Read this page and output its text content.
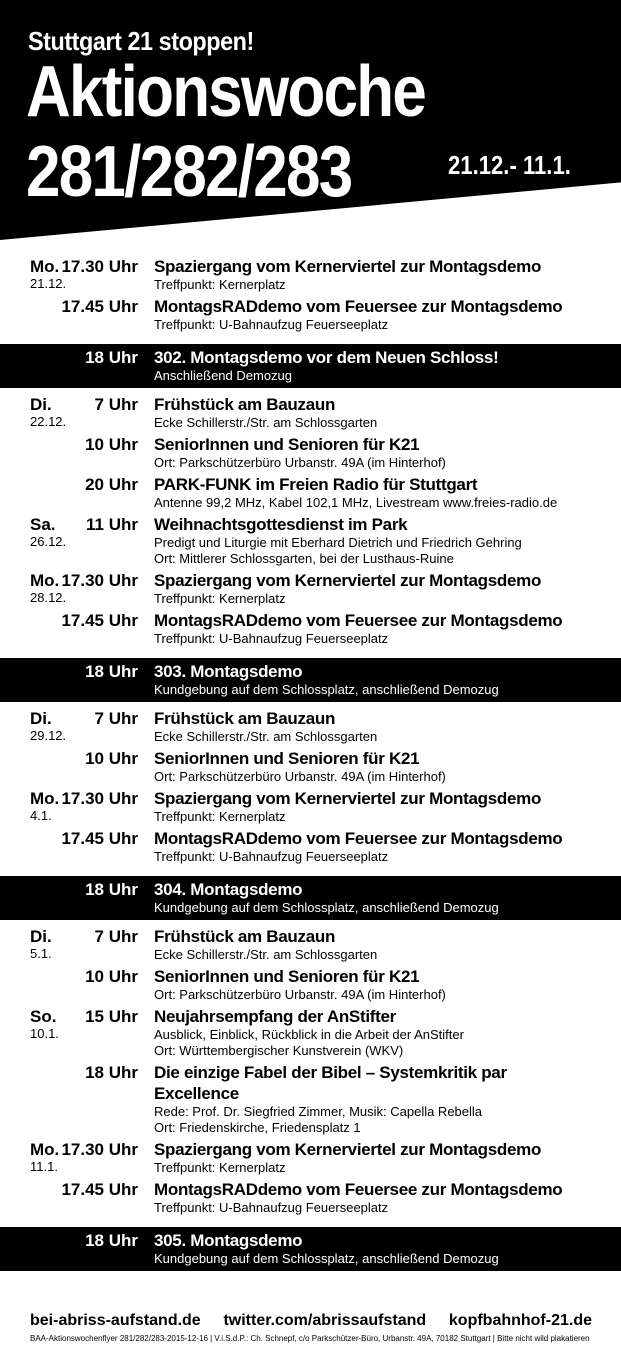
Stuttgart 21 stoppen!
Aktionswoche
281/282/283	21.12.- 11.1.
Mo.
21.12.
17.30 Uhr Spaziergang vom Kernerviertel zur Montagsdemo
Treffpunkt: Kernerplatz
17.45 Uhr MontagsRADdemo vom Feuersee zur Montagsdemo
Treffpunkt: U-Bahnaufzug Feuerseeplatz
18 Uhr 302. Montagsdemo vor dem Neuen Schloss!
Anschließend Demozug
Di.
22.12.
7 Uhr Frühstück am Bauzaun
Ecke Schillerstr./Str. am Schlossgarten
10 Uhr SeniorInnen und Senioren für K21
Ort: Parkschützerbüro Urbanstr. 49A (im Hinterhof)
20 Uhr PARK-FUNK im Freien Radio für Stuttgart
Antenne 99,2 MHz, Kabel 102,1 MHz, Livestream www.freies-radio.de
Sa.
26.12.
11 Uhr Weihnachtsgottesdienst im Park
Predigt und Liturgie mit Eberhard Dietrich und Friedrich Gehring
Ort: Mittlerer Schlossgarten, bei der Lusthaus-Ruine
Mo.
28.12.
17.30 Uhr Spaziergang vom Kernerviertel zur Montagsdemo
Treffpunkt: Kernerplatz
17.45 Uhr MontagsRADdemo vom Feuersee zur Montagsdemo
Treffpunkt: U-Bahnaufzug Feuerseeplatz
18 Uhr 303. Montagsdemo
Kundgebung auf dem Schlossplatz, anschließend Demozug
Di.
29.12.
7 Uhr Frühstück am Bauzaun
Ecke Schillerstr./Str. am Schlossgarten
10 Uhr SeniorInnen und Senioren für K21
Ort: Parkschützerbüro Urbanstr. 49A (im Hinterhof)
Mo.
4.1.
17.30 Uhr Spaziergang vom Kernerviertel zur Montagsdemo
Treffpunkt: Kernerplatz
17.45 Uhr MontagsRADdemo vom Feuersee zur Montagsdemo
Treffpunkt: U-Bahnaufzug Feuerseeplatz
18 Uhr 304. Montagsdemo
Kundgebung auf dem Schlossplatz, anschließend Demozug
Di.
5.1.
7 Uhr Frühstück am Bauzaun
Ecke Schillerstr./Str. am Schlossgarten
10 Uhr SeniorInnen und Senioren für K21
Ort: Parkschützerbüro Urbanstr. 49A (im Hinterhof)
So.
10.1.
15 Uhr Neujahrsempfang der AnStifter
Ausblick, Einblick, Rückblick in die Arbeit der AnStifter
Ort: Württembergischer Kunstverein (WKV)
18 Uhr Die einzige Fabel der Bibel – Systemkritik par Excellence
Rede: Prof. Dr. Siegfried Zimmer, Musik: Capella Rebella
Ort: Friedenskirche, Friedensplatz 1
Mo.
11.1.
17.30 Uhr Spaziergang vom Kernerviertel zur Montagsdemo
Treffpunkt: Kernerplatz
17.45 Uhr MontagsRADdemo vom Feuersee zur Montagsdemo
Treffpunkt: U-Bahnaufzug Feuerseeplatz
18 Uhr 305. Montagsdemo
Kundgebung auf dem Schlossplatz, anschließend Demozug
bei-abriss-aufstand.de twitter.com/abrissaufstand kopfbahnhof-21.de
BAA-Aktionswochenflyer 281/282/283-2015-12-16 | V.i.S.d.P.: Ch. Schnepf, c/o Parkschützer-Büro, Urbanstr. 49A, 70182 Stuttgart | Bitte nicht wild plakatieren
